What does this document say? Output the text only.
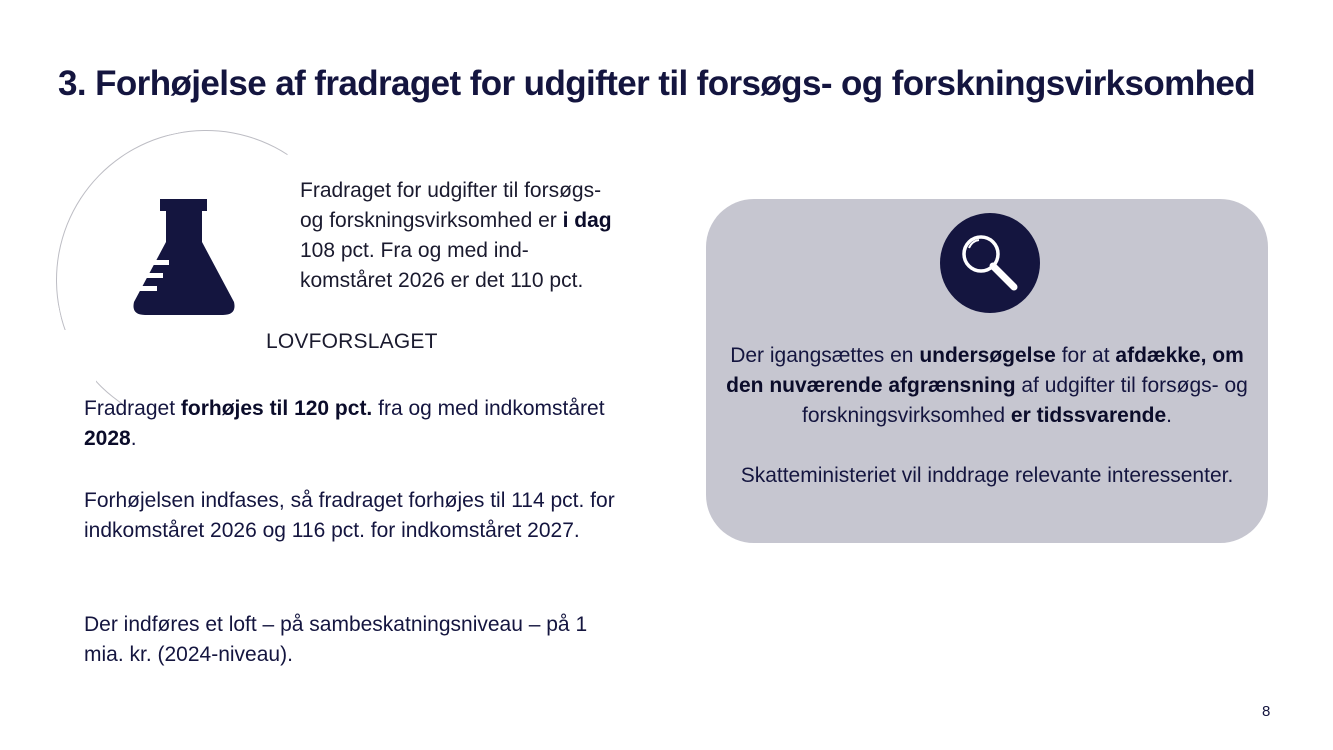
3. Forhøjelse af fradraget for udgifter til forsøgs- og forskningsvirksomhed
Fradraget for udgifter til forsøgs- og forskningsvirksomhed er i dag 108 pct. Fra og med ind-komståret 2026 er det 110 pct.
LOVFORSLAGET
Fradraget forhøjes til 120 pct. fra og med indkomståret 2028.
Forhøjelsen indfases, så fradraget forhøjes til 114 pct. for indkomståret 2026 og 116 pct. for indkomståret 2027.
Der indføres et loft – på sambeskatningsniveau – på 1 mia. kr. (2024-niveau).

Der igangsættes en undersøgelse for at afdække, om den nuværende afgrænsning af udgifter til forsøgs- og forskningsvirksomhed er tidssvarende.

Skatteministeriet vil inddrage relevante interessenter.

8
